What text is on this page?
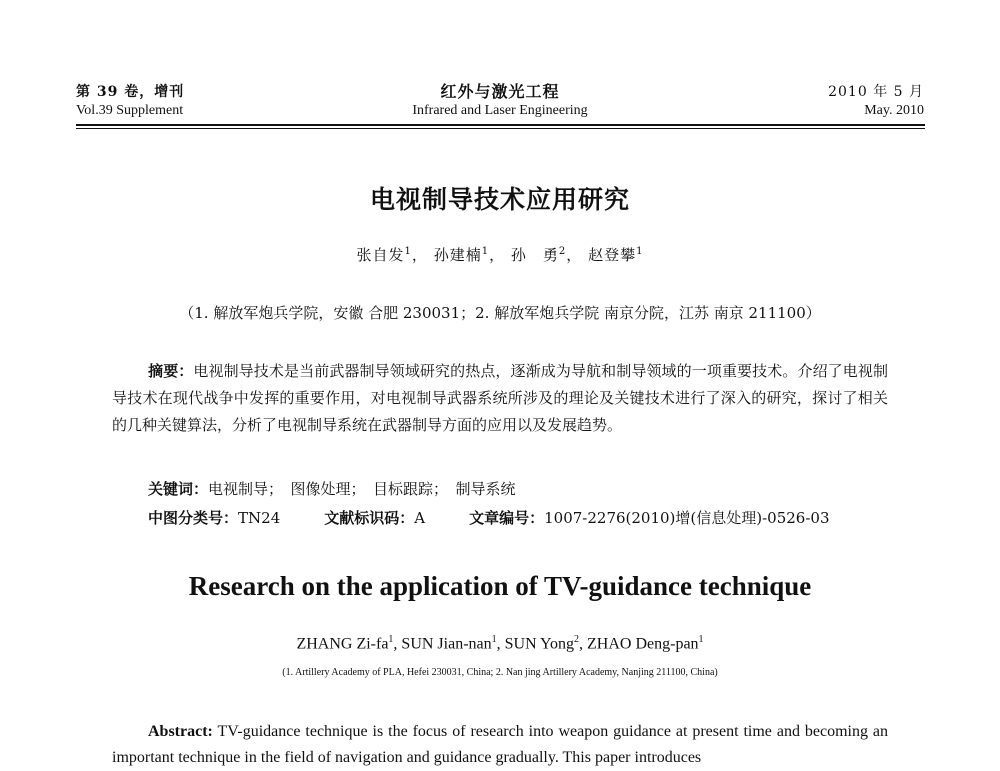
第 39 卷，增刊
Vol.39 Supplement
红外与激光工程
Infrared and Laser Engineering
2010 年 5 月
May. 2010
电视制导技术应用研究
张自发$^1$， 孙建楠$^1$， 孙　勇$^2$， 赵登攀$^1$
（1. 解放军炮兵学院，安徽 合肥 230031；2. 解放军炮兵学院 南京分院，江苏 南京 211100）
摘要：电视制导技术是当前武器制导领域研究的热点，逐渐成为导航和制导领域的一项重要技术。介绍了电视制导技术在现代战争中发挥的重要作用，对电视制导武器系统所涉及的理论及关键技术进行了深入的研究，探讨了相关的几种关键算法，分析了电视制导系统在武器制导方面的应用以及发展趋势。
关键词：电视制导；　图像处理；　目标跟踪；　制导系统
中图分类号：TN24	文献标识码：A	文章编号：1007-2276(2010)增(信息处理)-0526-03
Research on the application of TV-guidance technique
ZHANG $Zi-fa^1$, SUN Jian-nan$^1$, SUN Yong$^2$, ZHAO Deng-pan$^1$
(1. Artillery Academy of PLA, Hefei 230031, China; 2. Nan jing Artillery Academy, Nanjing 211100, China)
Abstract: TV-guidance technique is the focus of research into weapon guidance at present time and becoming an important technique in the field of navigation and guidance gradually. This paper introduces
